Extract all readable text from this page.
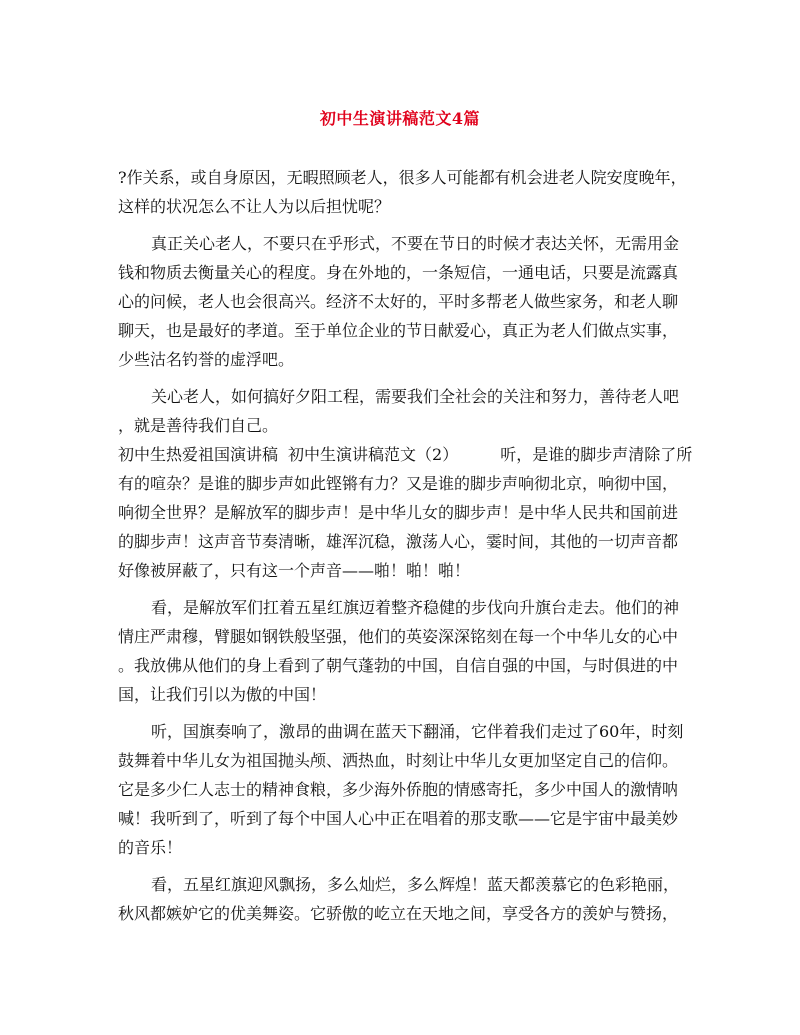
初中生演讲稿范文4篇
?作关系，或自身原因，无暇照顾老人，很多人可能都有机会进老人院安度晚年，
这样的状况怎么不让人为以后担忧呢？
真正关心老人，不要只在乎形式，不要在节日的时候才表达关怀，无需用金
钱和物质去衡量关心的程度。身在外地的，一条短信，一通电话，只要是流露真
心的问候，老人也会很高兴。经济不太好的，平时多帮老人做些家务，和老人聊
聊天，也是最好的孝道。至于单位企业的节日献爱心，真正为老人们做点实事，
少些沽名钓誉的虚浮吧。
关心老人，如何搞好夕阳工程，需要我们全社会的关注和努力，善待老人吧
，就是善待我们自己。
初中生热爱祖国演讲稿 初中生演讲稿范文（2）	听，是谁的脚步声清除了所
有的喧杂？是谁的脚步声如此铿锵有力？又是谁的脚步声响彻北京，响彻中国，
响彻全世界？是解放军的脚步声！是中华儿女的脚步声！是中华人民共和国前进
的脚步声！这声音节奏清晰，雄浑沉稳，激荡人心，霎时间，其他的一切声音都
好像被屏蔽了，只有这一个声音——啪！啪！啪！
看，是解放军们扛着五星红旗迈着整齐稳健的步伐向升旗台走去。他们的神
情庄严肃穆，臂腿如钢铁般坚强，他们的英姿深深铭刻在每一个中华儿女的心中
。我放佛从他们的身上看到了朝气蓬勃的中国，自信自强的中国，与时俱进的中
国，让我们引以为傲的中国！
听，国旗奏响了，激昂的曲调在蓝天下翻涌，它伴着我们走过了60年，时刻
鼓舞着中华儿女为祖国抛头颅、洒热血，时刻让中华儿女更加坚定自己的信仰。
它是多少仁人志士的精神食粮，多少海外侨胞的情感寄托，多少中国人的激情呐
喊！我听到了，听到了每个中国人心中正在唱着的那支歌——它是宇宙中最美妙
的音乐！
看，五星红旗迎风飘扬，多么灿烂，多么辉煌！蓝天都羡慕它的色彩艳丽，
秋风都嫉妒它的优美舞姿。它骄傲的屹立在天地之间，享受各方的羡妒与赞扬，
